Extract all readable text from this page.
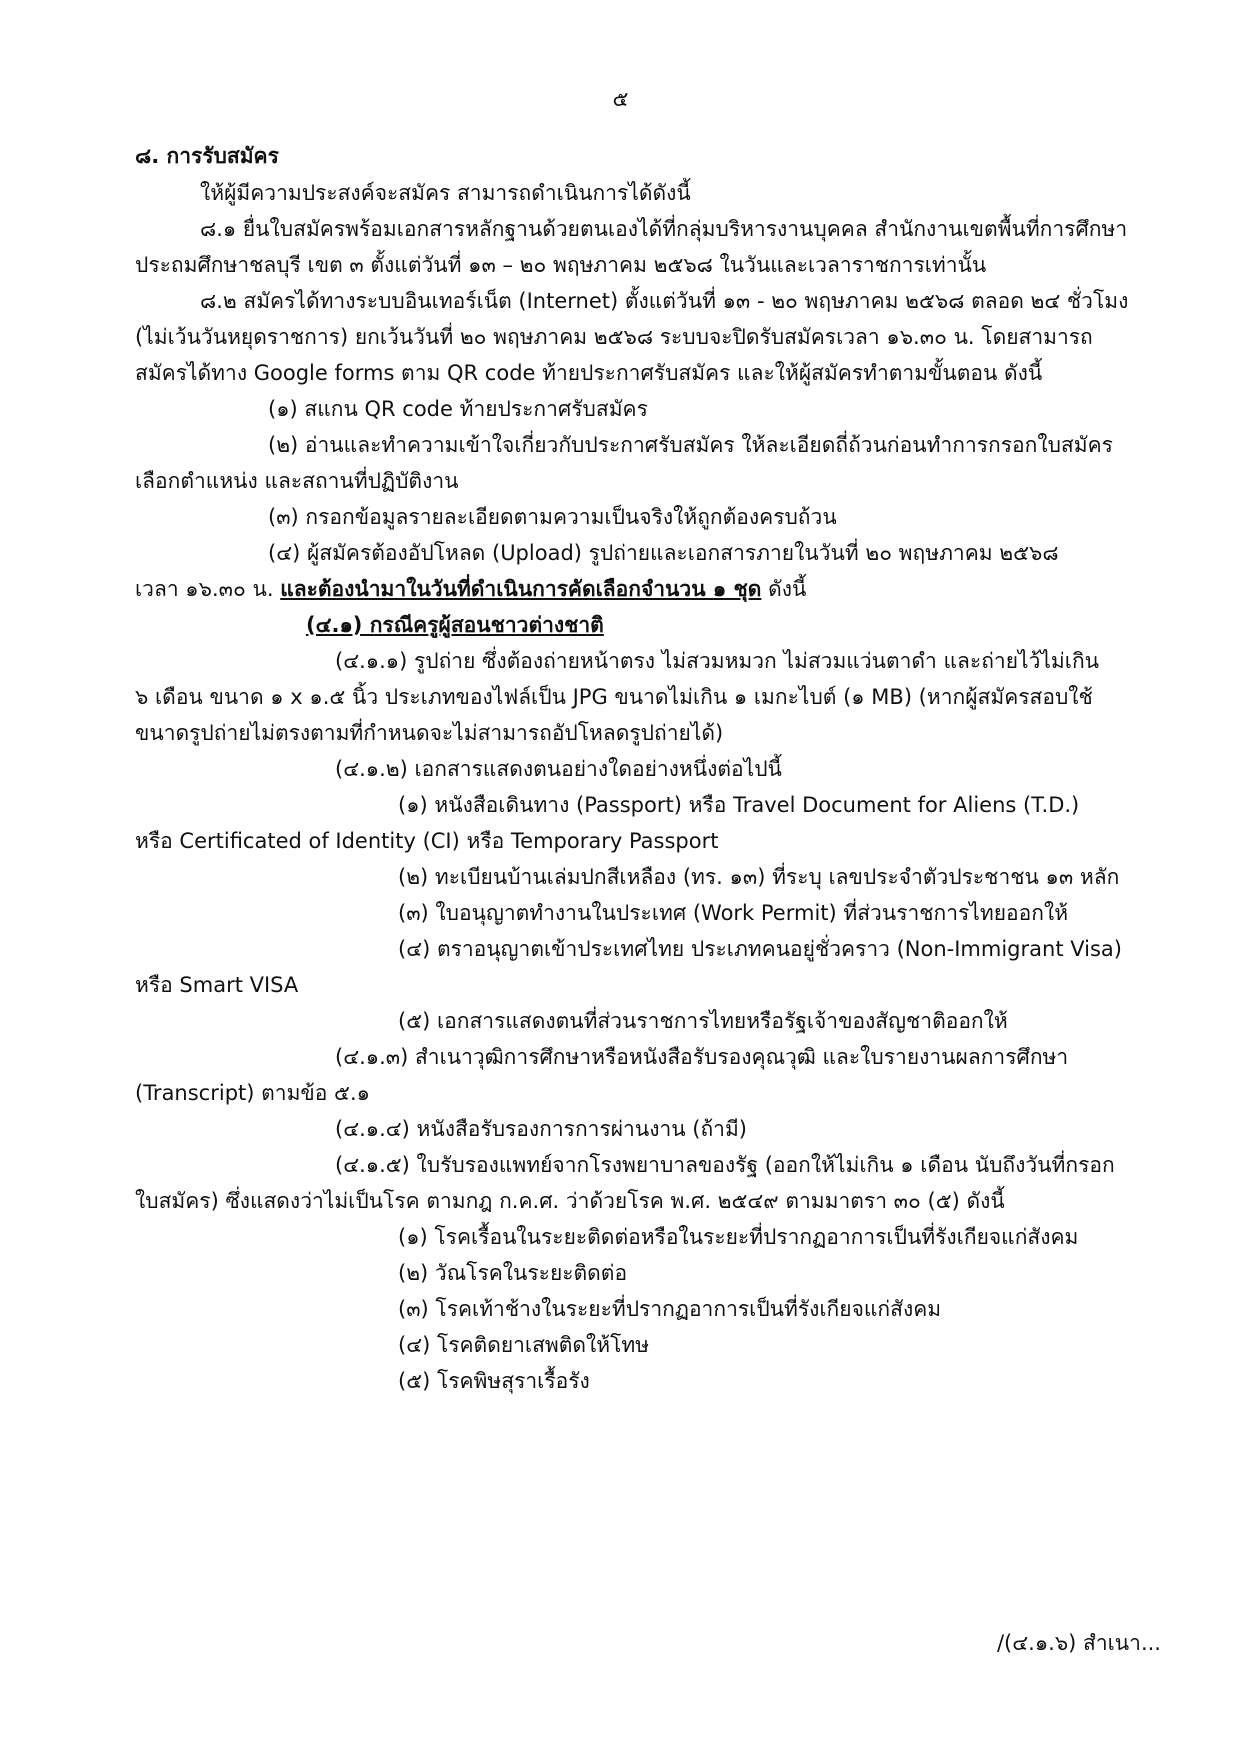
๕
๘. การรับสมัคร
ให้ผู้มีความประสงค์จะสมัคร สามารถดำเนินการได้ดังนี้
๘.๑ ยื่นใบสมัครพร้อมเอกสารหลักฐานด้วยตนเองได้ที่กลุ่มบริหารงานบุคคล สำนักงานเขตพื้นที่การศึกษา
ประถมศึกษาชลบุรี เขต ๓ ตั้งแต่วันที่ ๑๓ – ๒๐ พฤษภาคม ๒๕๖๘ ในวันและเวลาราชการเท่านั้น
๘.๒ สมัครได้ทางระบบอินเทอร์เน็ต (Internet) ตั้งแต่วันที่ ๑๓ - ๒๐ พฤษภาคม ๒๕๖๘ ตลอด ๒๔ ชั่วโมง
(ไม่เว้นวันหยุดราชการ) ยกเว้นวันที่ ๒๐ พฤษภาคม ๒๕๖๘ ระบบจะปิดรับสมัครเวลา ๑๖.๓๐ น. โดยสามารถ
สมัครได้ทาง Google forms ตาม QR code ท้ายประกาศรับสมัคร และให้ผู้สมัครทำตามขั้นตอน ดังนี้
(๑) สแกน QR code ท้ายประกาศรับสมัคร
(๒) อ่านและทำความเข้าใจเกี่ยวกับประกาศรับสมัคร ให้ละเอียดถี่ถ้วนก่อนทำการกรอกใบสมัคร
เลือกตำแหน่ง และสถานที่ปฏิบัติงาน
(๓) กรอกข้อมูลรายละเอียดตามความเป็นจริงให้ถูกต้องครบถ้วน
(๔) ผู้สมัครต้องอัปโหลด (Upload) รูปถ่ายและเอกสารภายในวันที่ ๒๐ พฤษภาคม ๒๕๖๘
เวลา ๑๖.๓๐ น. และต้องนำมาในวันที่ดำเนินการคัดเลือกจำนวน ๑ ชุด ดังนี้
(๔.๑) กรณีครูผู้สอนชาวต่างชาติ
(๔.๑.๑) รูปถ่าย ซึ่งต้องถ่ายหน้าตรง ไม่สวมหมวก ไม่สวมแว่นตาดำ และถ่ายไว้ไม่เกิน
๖ เดือน ขนาด ๑ x ๑.๕ นิ้ว ประเภทของไฟล์เป็น JPG ขนาดไม่เกิน ๑ เมกะไบต์ (๑ MB) (หากผู้สมัครสอบใช้
ขนาดรูปถ่ายไม่ตรงตามที่กำหนดจะไม่สามารถอัปโหลดรูปถ่ายได้)
(๔.๑.๒) เอกสารแสดงตนอย่างใดอย่างหนึ่งต่อไปนี้
(๑) หนังสือเดินทาง (Passport) หรือ Travel Document for Aliens (T.D.)
หรือ Certificated of Identity (CI) หรือ Temporary Passport
(๒) ทะเบียนบ้านเล่มปกสีเหลือง (ทร. ๑๓) ที่ระบุ เลขประจำตัวประชาชน ๑๓ หลัก
(๓) ใบอนุญาตทำงานในประเทศ (Work Permit) ที่ส่วนราชการไทยออกให้
(๔) ตราอนุญาตเข้าประเทศไทย ประเภทคนอยู่ชั่วคราว (Non-Immigrant Visa)
หรือ Smart VISA
(๕) เอกสารแสดงตนที่ส่วนราชการไทยหรือรัฐเจ้าของสัญชาติออกให้
(๔.๑.๓) สำเนาวุฒิการศึกษาหรือหนังสือรับรองคุณวุฒิ และใบรายงานผลการศึกษา
(Transcript) ตามข้อ ๕.๑
(๔.๑.๔) หนังสือรับรองการการผ่านงาน (ถ้ามี)
(๔.๑.๕) ใบรับรองแพทย์จากโรงพยาบาลของรัฐ (ออกให้ไม่เกิน ๑ เดือน นับถึงวันที่กรอก
ใบสมัคร) ซึ่งแสดงว่าไม่เป็นโรค ตามกฎ ก.ค.ศ. ว่าด้วยโรค พ.ศ. ๒๕๔๙ ตามมาตรา ๓๐ (๕) ดังนี้
(๑) โรคเรื้อนในระยะติดต่อหรือในระยะที่ปรากฏอาการเป็นที่รังเกียจแก่สังคม
(๒) วัณโรคในระยะติดต่อ
(๓) โรคเท้าช้างในระยะที่ปรากฏอาการเป็นที่รังเกียจแก่สังคม
(๔) โรคติดยาเสพติดให้โทษ
(๕) โรคพิษสุราเรื้อรัง
/(๔.๑.๖) สำเนา...
